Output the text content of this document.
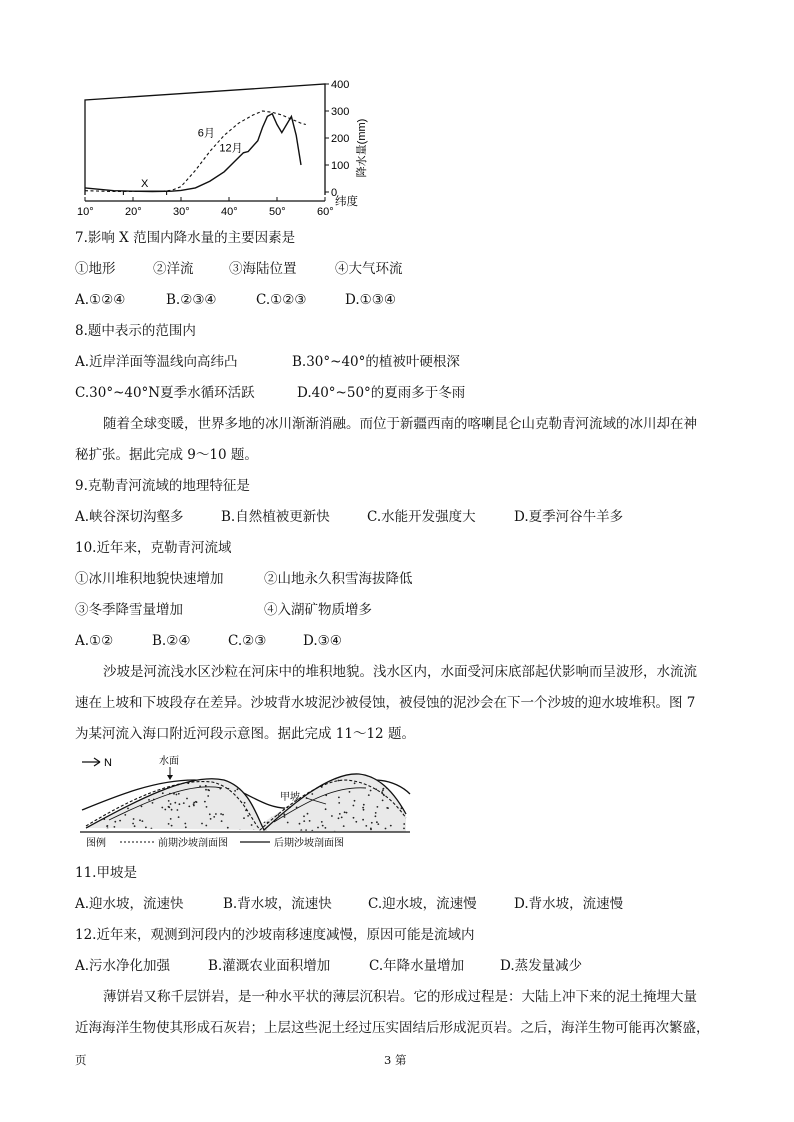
10°	20°	30°	40°	50°	60°
纬度
0
100
200
300
400
降水量(mm)
6月
12月
X
7.影响 X 范围内降水量的主要因素是
①地形	②洋流	③海陆位置	④大气环流
A.①②④	B.②③④	C.①②③	D.①③④
8.题中表示的范围内
A.近岸洋面等温线向高纬凸	B.30°~40°的植被叶硬根深
C.30°~40°N夏季水循环活跃	D.40°~50°的夏雨多于冬雨
随着全球变暖，世界多地的冰川渐渐消融。而位于新疆西南的喀喇昆仑山克勒青河流域的冰川却在神
秘扩张。据此完成 9～10 题。
9.克勒青河流域的地理特征是
A.峡谷深切沟壑多	B.自然植被更新快	C.水能开发强度大	D.夏季河谷牛羊多
10.近年来，克勒青河流域
①冰川堆积地貌快速增加	②山地永久积雪海拔降低
③冬季降雪量增加	④入湖矿物质增多
A.①②	B.②④	C.②③	D.③④
沙坡是河流浅水区沙粒在河床中的堆积地貌。浅水区内，水面受河床底部起伏影响而呈波形，水流流
速在上坡和下坡段存在差异。沙坡背水坡泥沙被侵蚀，被侵蚀的泥沙会在下一个沙坡的迎水坡堆积。图 7
为某河流入海口附近河段示意图。据此完成 11～12 题。
N	水面
甲坡
图例	前期沙坡剖面图	后期沙坡剖面图
11.甲坡是
A.迎水坡，流速快	B.背水坡，流速快	C.迎水坡，流速慢	D.背水坡，流速慢
12.近年来，观测到河段内的沙坡南移速度减慢，原因可能是流域内
A.污水净化加强	B.灌溉农业面积增加	C.年降水量增加	D.蒸发量减少
薄饼岩又称千层饼岩，是一种水平状的薄层沉积岩。它的形成过程是：大陆上冲下来的泥土掩埋大量
近海海洋生物使其形成石灰岩；上层这些泥土经过压实固结后形成泥页岩。之后，海洋生物可能再次繁盛，
页	3 第
